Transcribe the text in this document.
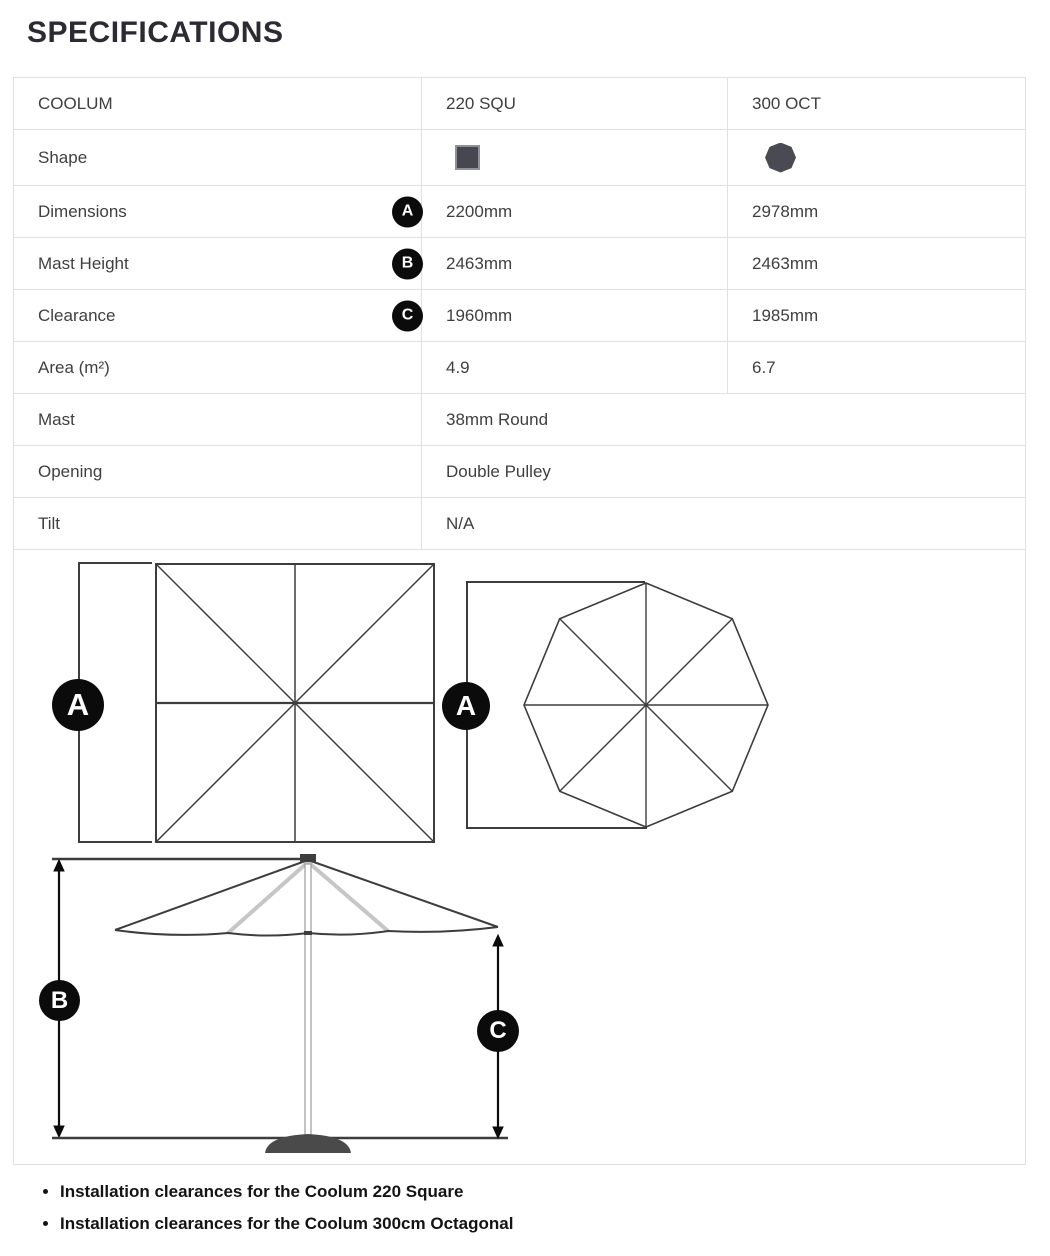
SPECIFICATIONS
COOLUM	220 SQU	300 OCT
Shape		
Dimensions A	2200mm	2978mm
Mast Height B	2463mm	2463mm
Clearance C	1960mm	1985mm
Area (m²)	4.9	6.7
Mast	38mm Round	
Opening	Double Pulley	
Tilt	N/A	

A A
B
C		
• Installation clearances for the Coolum 220 Square
• Installation clearances for the Coolum 300cm Octagonal
